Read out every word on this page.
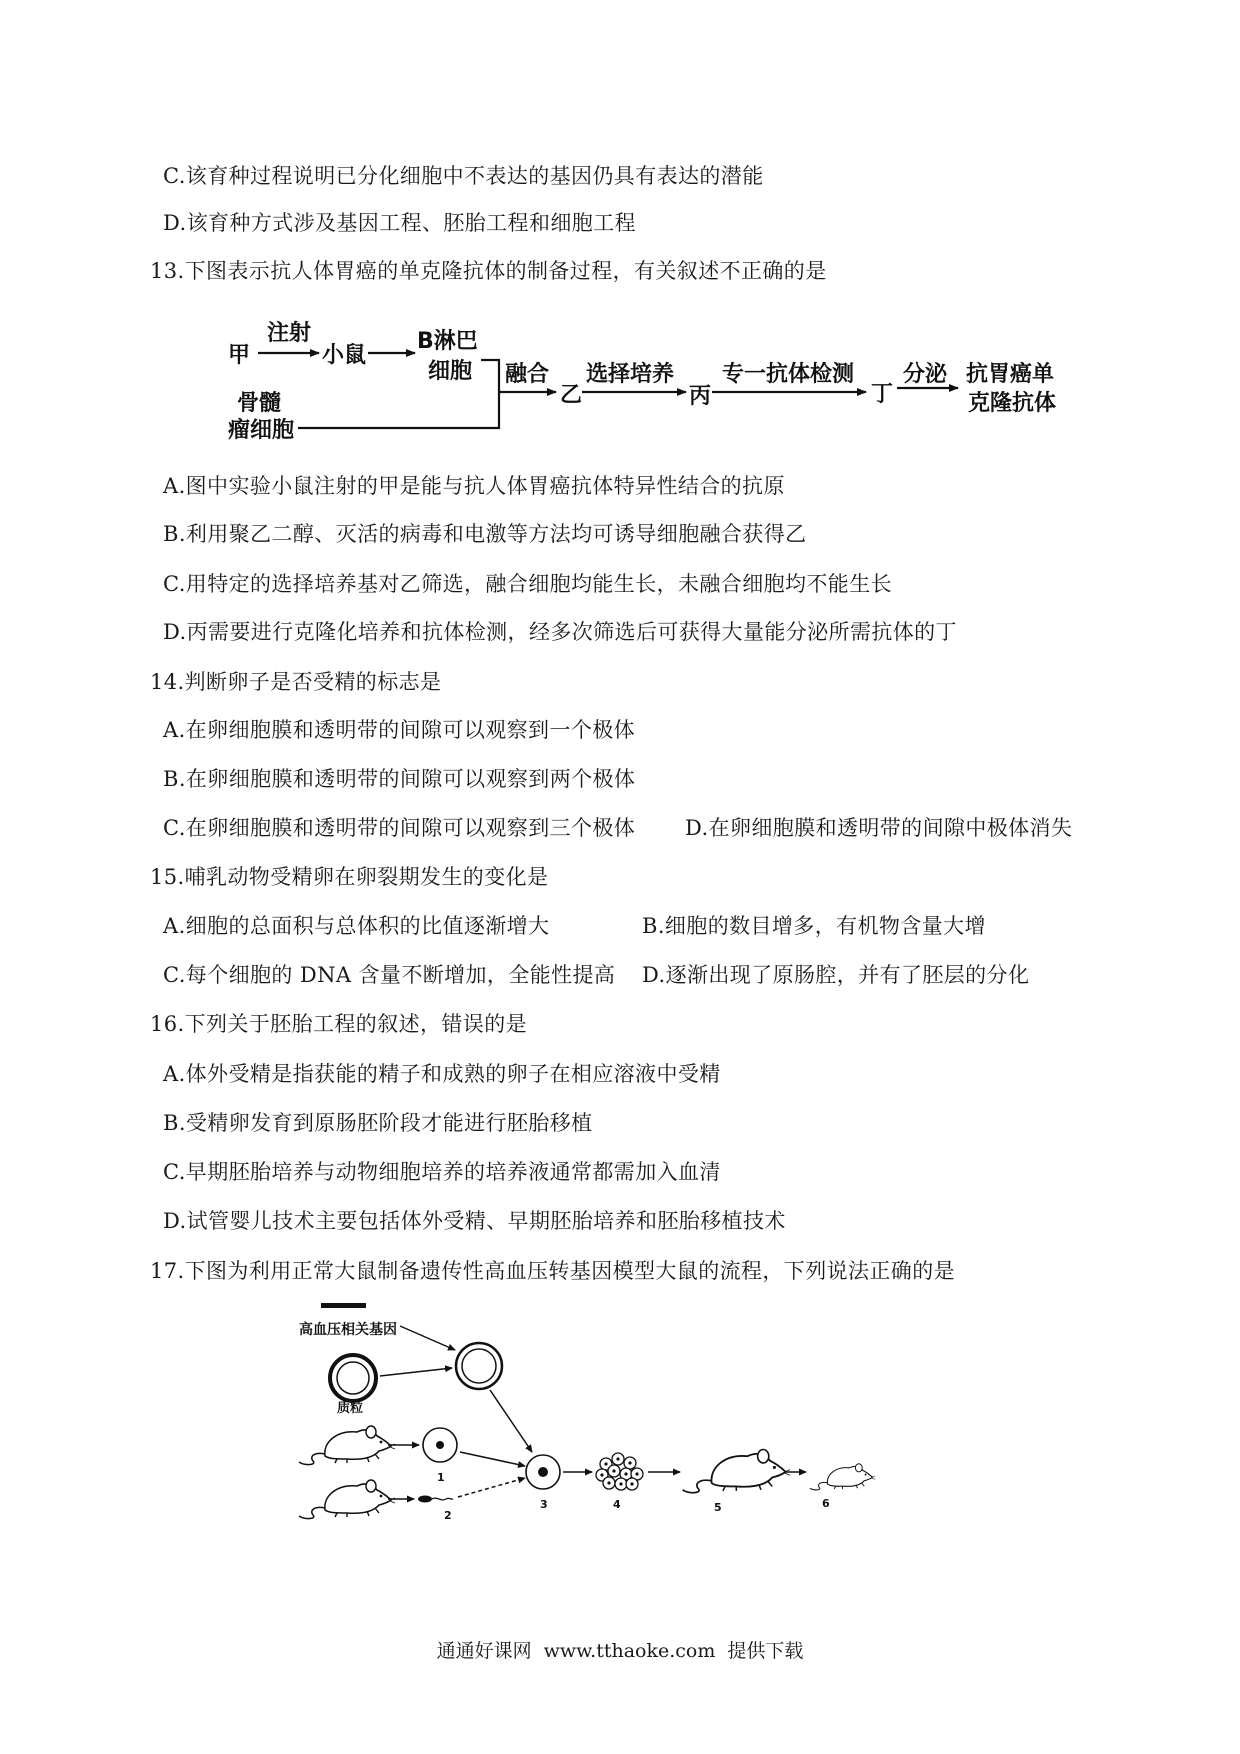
C.该育种过程说明已分化细胞中不表达的基因仍具有表达的潜能
D.该育种方式涉及基因工程、胚胎工程和细胞工程
13.下图表示抗人体胃癌的单克隆抗体的制备过程，有关叙述不正确的是
甲
注射
小鼠
B淋巴
细胞
骨髓
瘤细胞
融合
乙
选择培养
丙
专一抗体检测
丁
分泌 抗胃癌单
克隆抗体
A.图中实验小鼠注射的甲是能与抗人体胃癌抗体特异性结合的抗原
B.利用聚乙二醇、灭活的病毒和电激等方法均可诱导细胞融合获得乙
C.用特定的选择培养基对乙筛选，融合细胞均能生长，未融合细胞均不能生长
D.丙需要进行克隆化培养和抗体检测，经多次筛选后可获得大量能分泌所需抗体的丁
14.判断卵子是否受精的标志是
A.在卵细胞膜和透明带的间隙可以观察到一个极体
B.在卵细胞膜和透明带的间隙可以观察到两个极体
C.在卵细胞膜和透明带的间隙可以观察到三个极体 D.在卵细胞膜和透明带的间隙中极体消失
15.哺乳动物受精卵在卵裂期发生的变化是
A.细胞的总面积与总体积的比值逐渐增大	B.细胞的数目增多，有机物含量大增
C.每个细胞的 DNA 含量不断增加，全能性提高 D.逐渐出现了原肠腔，并有了胚层的分化
16.下列关于胚胎工程的叙述，错误的是
A.体外受精是指获能的精子和成熟的卵子在相应溶液中受精
B.受精卵发育到原肠胚阶段才能进行胚胎移植
C.早期胚胎培养与动物细胞培养的培养液通常都需加入血清
D.试管婴儿技术主要包括体外受精、早期胚胎培养和胚胎移植技术
17.下图为利用正常大鼠制备遗传性高血压转基因模型大鼠的流程，下列说法正确的是
高血压相关基因
质粒
1
2
3	4	5	6
通通好课网 www.tthaoke.com 提供下载
